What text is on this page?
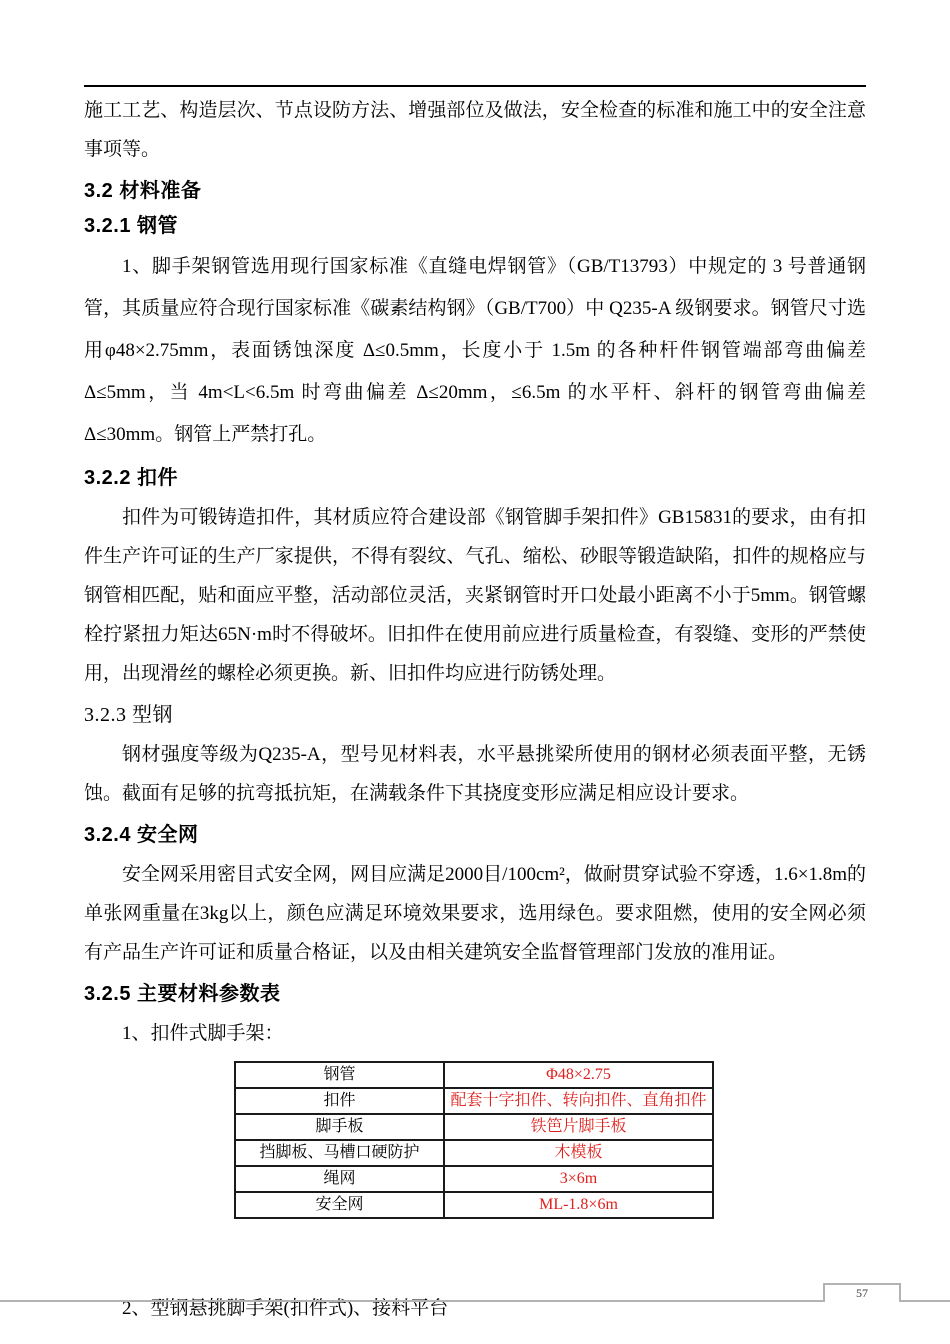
施工工艺、构造层次、节点设防方法、增强部位及做法，安全检查的标准和施工中的安全注意事项等。
3.2 材料准备
3.2.1 钢管
1、脚手架钢管选用现行国家标准《直缝电焊钢管》（GB/T13793）中规定的 3 号普通钢管，其质量应符合现行国家标准《碳素结构钢》（GB/T700）中 Q235-A 级钢要求。钢管尺寸选用φ48×2.75mm，表面锈蚀深度 Δ≤0.5mm，长度小于 1.5m 的各种杆件钢管端部弯曲偏差 Δ≤5mm，当 4m<L<6.5m 时弯曲偏差 Δ≤20mm，≤6.5m 的水平杆、斜杆的钢管弯曲偏差 Δ≤30mm。钢管上严禁打孔。
3.2.2 扣件
扣件为可锻铸造扣件，其材质应符合建设部《钢管脚手架扣件》GB15831的要求，由有扣件生产许可证的生产厂家提供，不得有裂纹、气孔、缩松、砂眼等锻造缺陷，扣件的规格应与钢管相匹配，贴和面应平整，活动部位灵活，夹紧钢管时开口处最小距离不小于5mm。钢管螺栓拧紧扭力矩达65N·m时不得破坏。旧扣件在使用前应进行质量检查，有裂缝、变形的严禁使用，出现滑丝的螺栓必须更换。新、旧扣件均应进行防锈处理。
3.2.3 型钢
钢材强度等级为Q235-A，型号见材料表，水平悬挑梁所使用的钢材必须表面平整，无锈蚀。截面有足够的抗弯抵抗矩，在满载条件下其挠度变形应满足相应设计要求。
3.2.4 安全网
安全网采用密目式安全网，网目应满足2000目/100cm²，做耐贯穿试验不穿透，1.6×1.8m的单张网重量在3kg以上，颜色应满足环境效果要求，选用绿色。要求阻燃，使用的安全网必须有产品生产许可证和质量合格证，以及由相关建筑安全监督管理部门发放的准用证。
3.2.5 主要材料参数表
1、扣件式脚手架：
钢管	Φ48×2.75
扣件	配套十字扣件、转向扣件、直角扣件
脚手板	铁笆片脚手板
挡脚板、马槽口硬防护	木模板
绳网	3×6m
安全网	ML-1.8×6m
2、型钢悬挑脚手架(扣件式)、接料平台
57
